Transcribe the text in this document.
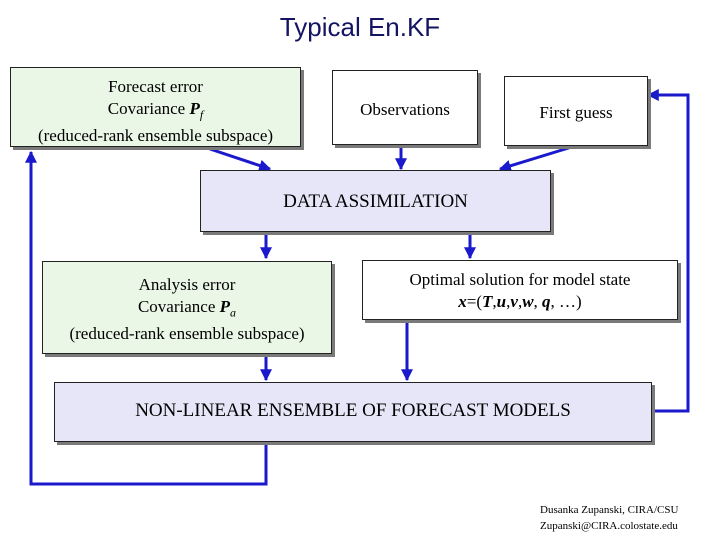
Typical En.KF
Forecast error
Covariance $P_f$
(reduced-rank ensemble subspace)
Observations	First guess
DATA ASSIMILATION
Analysis error
Covariance $P_a$
(reduced-rank ensemble subspace)
Optimal solution for model state
x=(T,u,v,w, q, …)
NON-LINEAR ENSEMBLE OF FORECAST MODELS
Dusanka Zupanski, CIRA/CSU
Zupanski@CIRA.colostate.edu
